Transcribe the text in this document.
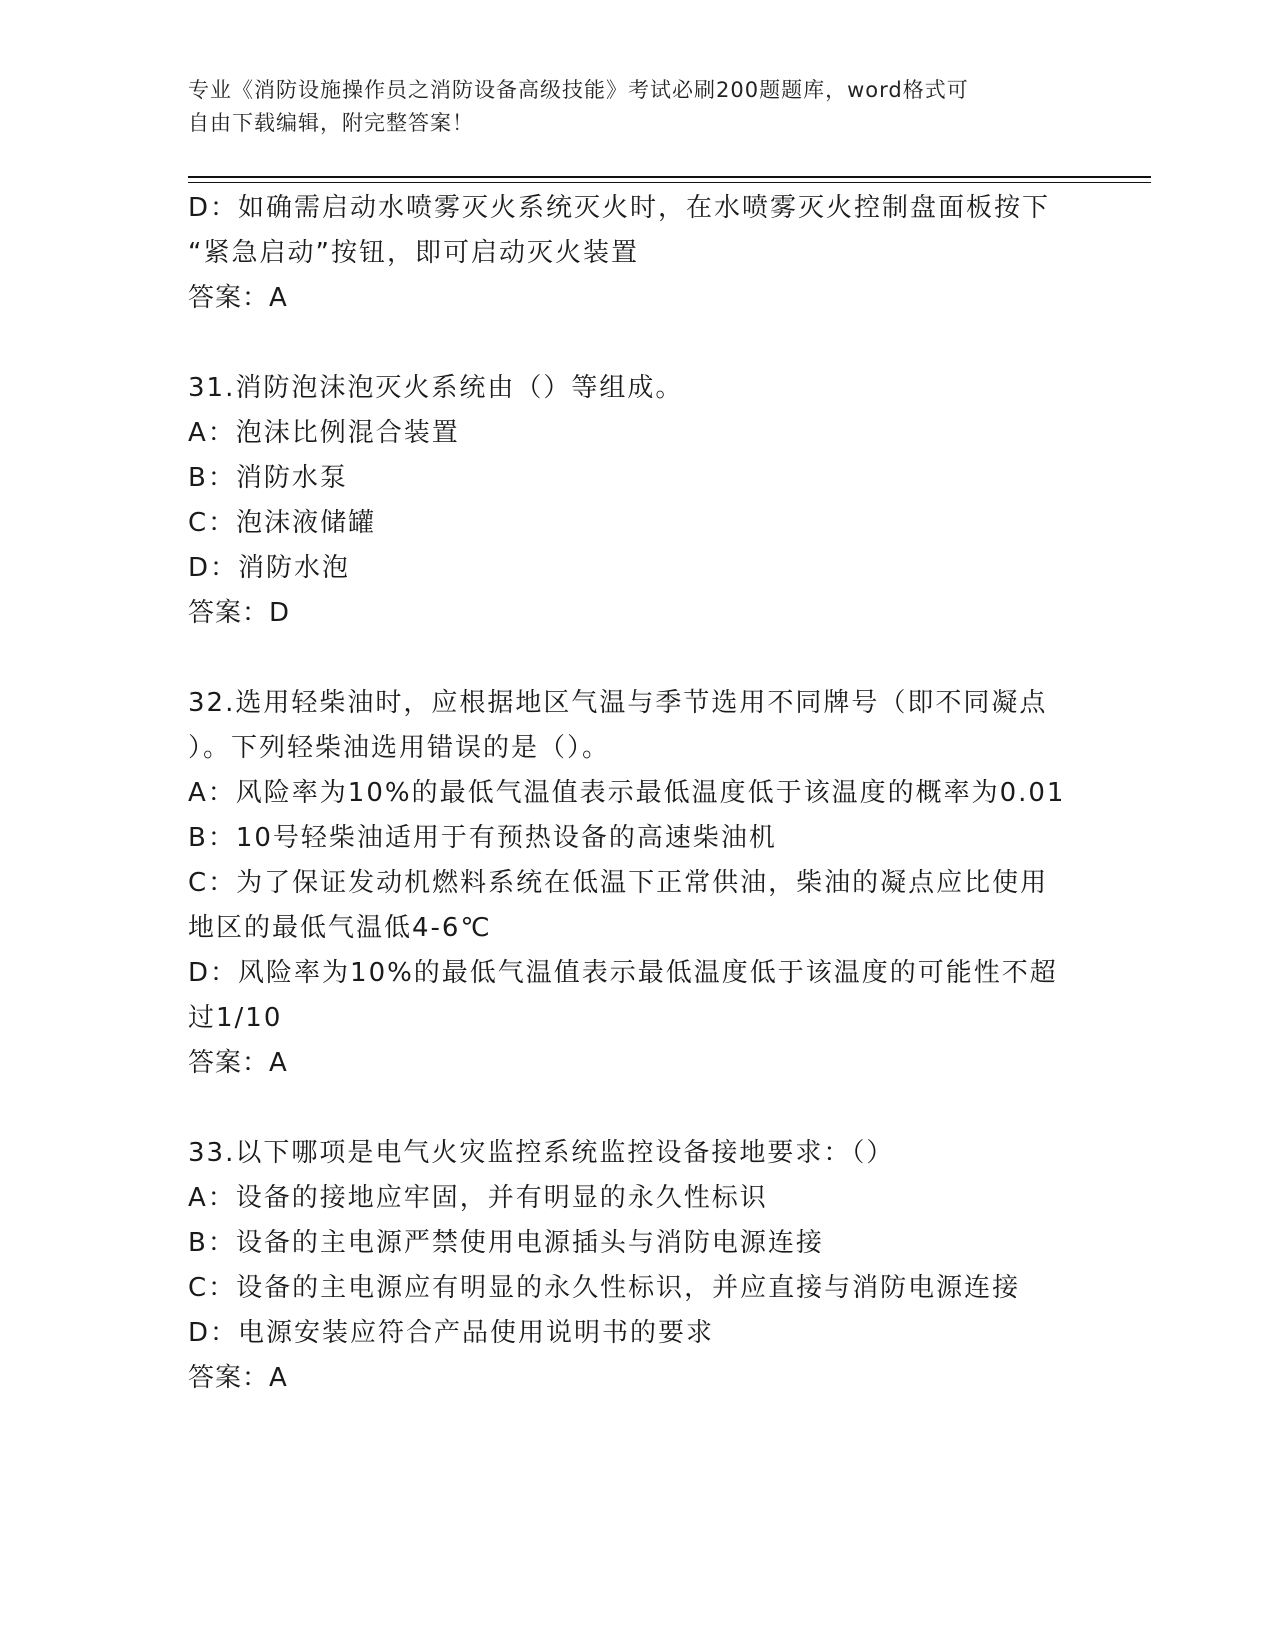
专业《消防设施操作员之消防设备高级技能》考试必刷200题题库，word格式可
自由下载编辑，附完整答案！
D：如确需启动水喷雾灭火系统灭火时，在水喷雾灭火控制盘面板按下
“紧急启动”按钮，即可启动灭火装置
答案：A
31.消防泡沫泡灭火系统由（）等组成。
A：泡沫比例混合装置
B：消防水泵
C：泡沫液储罐
D：消防水泡
答案：D
32.选用轻柴油时，应根据地区气温与季节选用不同牌号（即不同凝点
）。下列轻柴油选用错误的是（）。
A：风险率为10%的最低气温值表示最低温度低于该温度的概率为0.01
B：10号轻柴油适用于有预热设备的高速柴油机
C：为了保证发动机燃料系统在低温下正常供油，柴油的凝点应比使用
地区的最低气温低4-6℃
D：风险率为10%的最低气温值表示最低温度低于该温度的可能性不超
过1/10
答案：A
33.以下哪项是电气火灾监控系统监控设备接地要求：（）
A：设备的接地应牢固，并有明显的永久性标识
B：设备的主电源严禁使用电源插头与消防电源连接
C：设备的主电源应有明显的永久性标识，并应直接与消防电源连接
D：电源安装应符合产品使用说明书的要求
答案：A
